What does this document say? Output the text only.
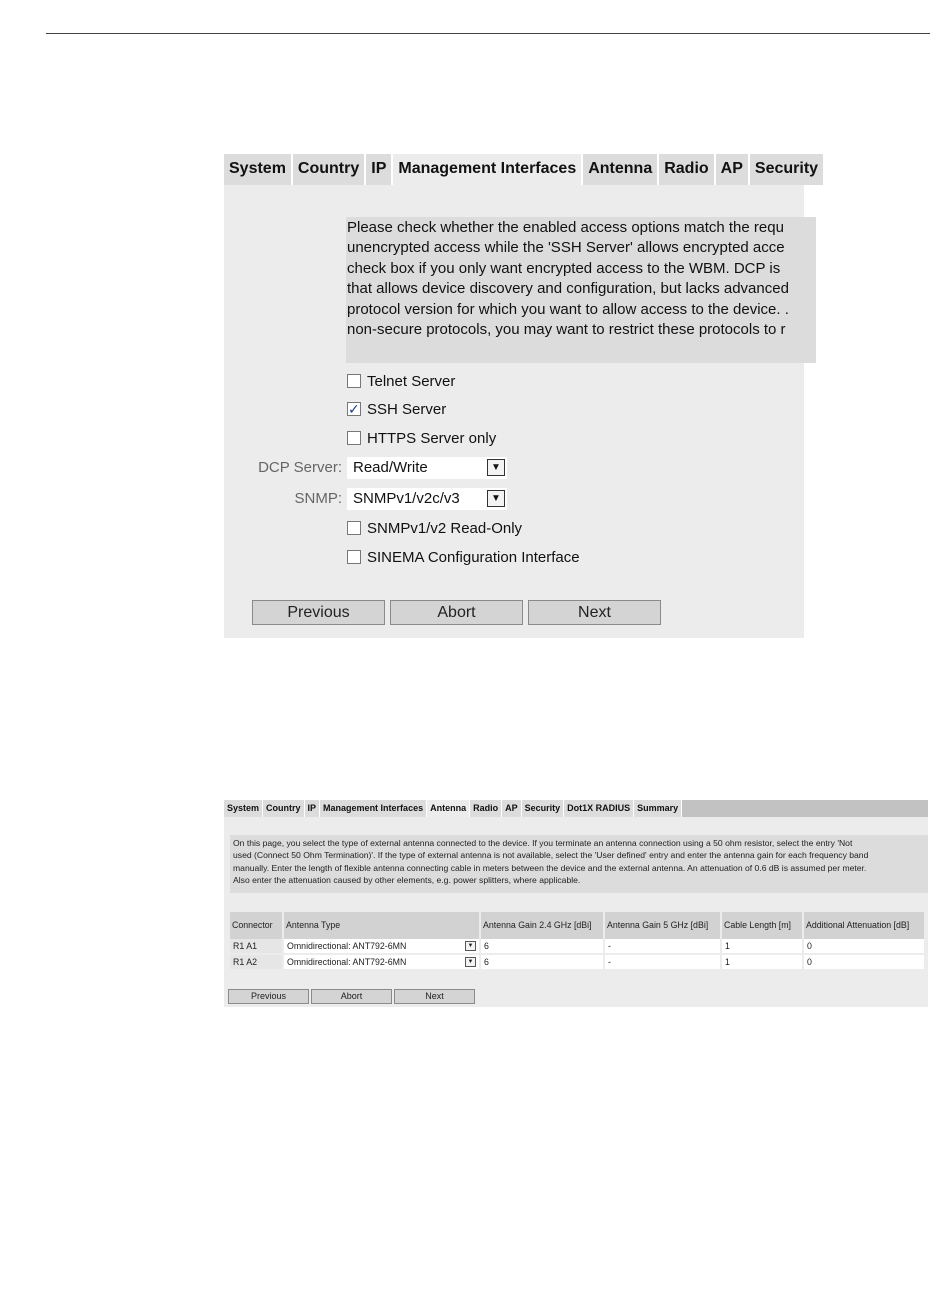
System Country IP Management Interfaces Antenna Radio AP Security
Please check whether the enabled access options match the requ
unencrypted access while the 'SSH Server' allows encrypted acce
check box if you only want encrypted access to the WBM. DCP is
that allows device discovery and configuration, but lacks advanced
protocol version for which you want to allow access to the device. .
non-secure protocols, you may want to restrict these protocols to r
Telnet Server
✓SSH Server
HTTPS Server only
DCP Server: Read/Write	▼
SNMP: SNMPv1/v2c/v3	▼
SNMPv1/v2 Read-Only
SINEMA Configuration Interface
Previous	Abort	Next
System Country IP Management Interfaces Antenna Radio AP Security Dot1X RADIUS Summary
On this page, you select the type of external antenna connected to the device. If you terminate an antenna connection using a 50 ohm resistor, select the entry 'Not
used (Connect 50 Ohm Termination)'. If the type of external antenna is not available, select the 'User defined' entry and enter the antenna gain for each frequency band
manually. Enter the length of flexible antenna connecting cable in meters between the device and the external antenna. An attenuation of 0.6 dB is assumed per meter.
Also enter the attenuation caused by other elements, e.g. power splitters, where applicable.
Connector	Antenna Type	Antenna Gain 2.4 GHz [dBi]	Antenna Gain 5 GHz [dBi]	Cable Length [m]	Additional Attenuation [dB]
R1 A1	Omnidirectional: ANT792-6MN ▼	6	-	1	0
R1 A2	Omnidirectional: ANT792-6MN ▼	6	-	1	0
Previous	Abort	Next
